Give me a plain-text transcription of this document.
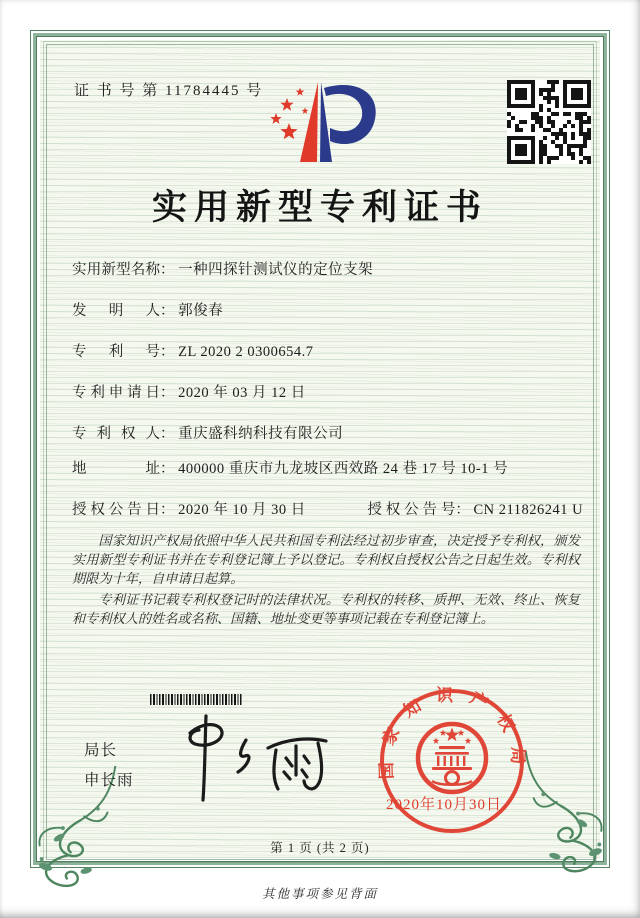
证 书 号 第 11784445 号
实用新型专利证书
实用新型名称： 一种四探针测试仪的定位支架
发明人： 郭俊春
专利号： ZL 2020 2 0300654.7
专利申请日： 2020 年 03 月 12 日
专利权人： 重庆盛科纳科技有限公司
地址： 400000 重庆市九龙坡区西效路 24 巷 17 号 10-1 号
授权公告日： 2020 年 10 月 30 日	授权公告号： CN 211826241 U

国家知识产权局依照中华人民共和国专利法经过初步审查，决定授予专利权，颁发实用新型专利证书并在专利登记簿上予以登记。专利权自授权公告之日起生效。专利权期限为十年，自申请日起算。

专利证书记载专利权登记时的法律状况。专利权的转移、质押、无效、终止、恢复和专利权人的姓名或名称、国籍、地址变更等事项记载在专利登记簿上。

局长
申长雨
国家知识产权局
2020年10月30日
第 1 页 (共 2 页)
其他事项参见背面
